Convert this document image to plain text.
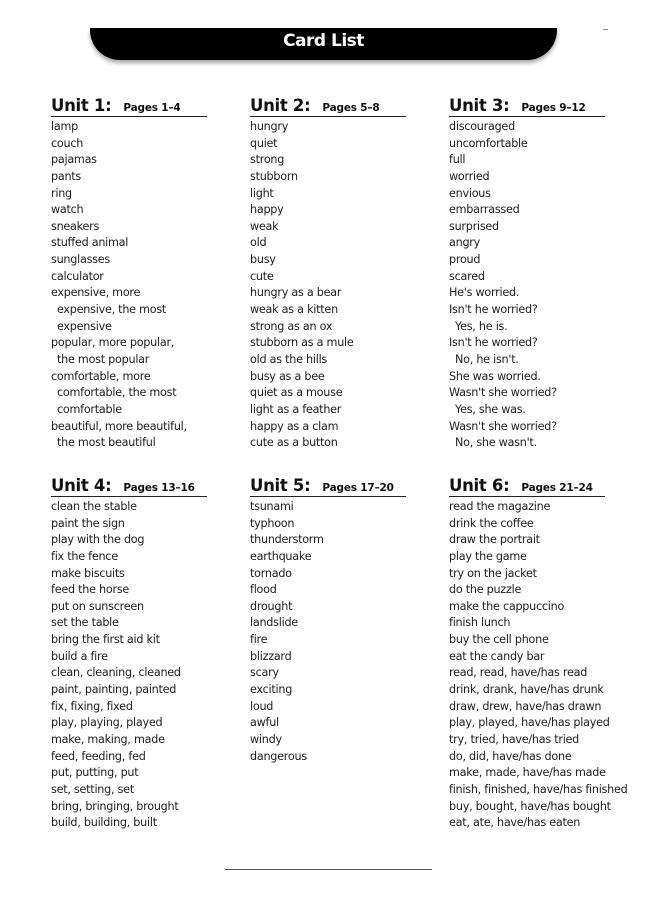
Card List
Unit 1: Pages 1–4
lamp
couch
pajamas
pants
ring
watch
sneakers
stuffed animal
sunglasses
calculator
expensive, more
expensive, the most
expensive
popular, more popular,
the most popular
comfortable, more
comfortable, the most
comfortable
beautiful, more beautiful,
the most beautiful
Unit 2: Pages 5–8
hungry
quiet
strong
stubborn
light
happy
weak
old
busy
cute
hungry as a bear
weak as a kitten
strong as an ox
stubborn as a mule
old as the hills
busy as a bee
quiet as a mouse
light as a feather
happy as a clam
cute as a button
Unit 3: Pages 9–12
discouraged
uncomfortable
full
worried
envious
embarrassed
surprised
angry
proud
scared
He's worried.
Isn't he worried?
Yes, he is.
Isn't he worried?
No, he isn't.
She was worried.
Wasn't she worried?
Yes, she was.
Wasn't she worried?
No, she wasn't.
Unit 4: Pages 13–16
clean the stable
paint the sign
play with the dog
fix the fence
make biscuits
feed the horse
put on sunscreen
set the table
bring the first aid kit
build a fire
clean, cleaning, cleaned
paint, painting, painted
fix, fixing, fixed
play, playing, played
make, making, made
feed, feeding, fed
put, putting, put
set, setting, set
bring, bringing, brought
build, building, built
Unit 5: Pages 17–20
tsunami
typhoon
thunderstorm
earthquake
tornado
flood
drought
landslide
fire
blizzard
scary
exciting
loud
awful
windy
dangerous
Unit 6: Pages 21–24
read the magazine
drink the coffee
draw the portrait
play the game
try on the jacket
do the puzzle
make the cappuccino
finish lunch
buy the cell phone
eat the candy bar
read, read, have/has read
drink, drank, have/has drunk
draw, drew, have/has drawn
play, played, have/has played
try, tried, have/has tried
do, did, have/has done
make, made, have/has made
finish, finished, have/has finished
buy, bought, have/has bought
eat, ate, have/has eaten
